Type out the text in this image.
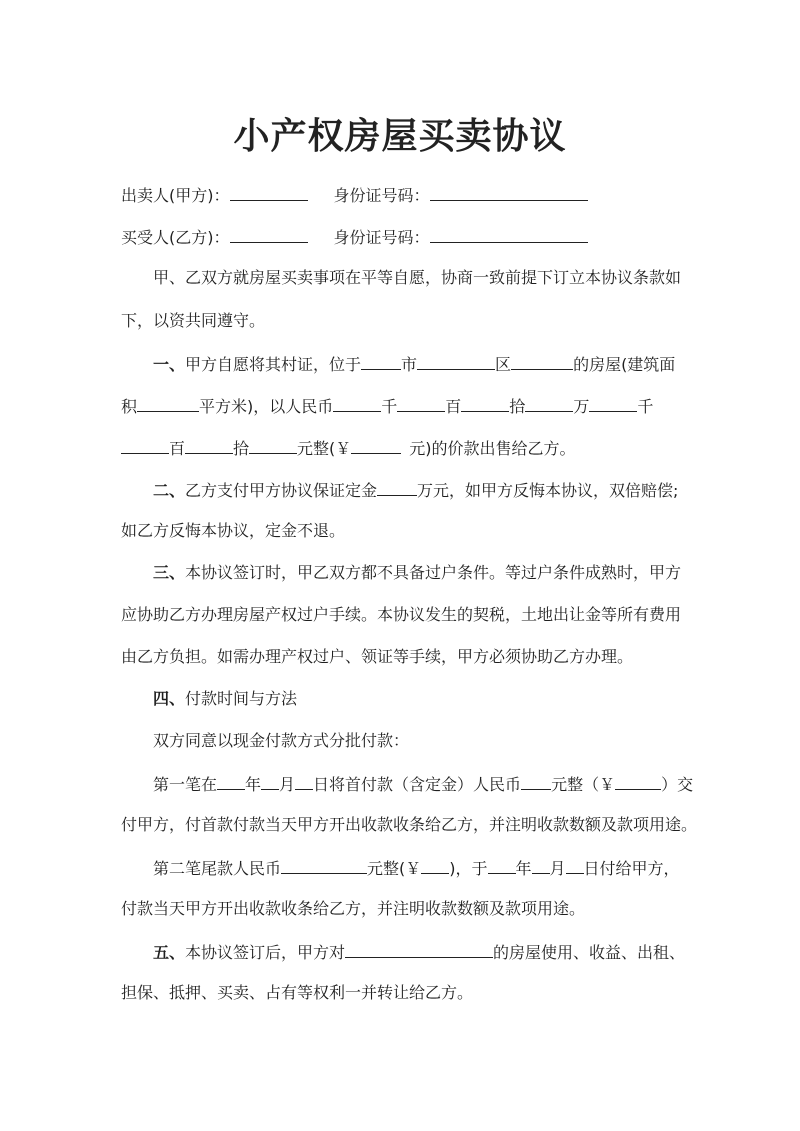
小产权房屋买卖协议
出卖人(甲方)：	身份证号码：
买受人(乙方)：	身份证号码：
甲、乙双方就房屋买卖事项在平等自愿，协商一致前提下订立本协议条款如
下，以资共同遵守。
一、甲方自愿将其村证，位于	市	区	的房屋(建筑面
积	平方米)，以人民币	千	百	拾	万	千
百	拾	元整(￥	元)的价款出售给乙方。
二、乙方支付甲方协议保证定金	万元，如甲方反悔本协议，双倍赔偿;
如乙方反悔本协议，定金不退。
三、本协议签订时，甲乙双方都不具备过户条件。等过户条件成熟时，甲方
应协助乙方办理房屋产权过户手续。本协议发生的契税，土地出让金等所有费用
由乙方负担。如需办理产权过户、领证等手续，甲方必须协助乙方办理。
四、付款时间与方法
双方同意以现金付款方式分批付款：
第一笔在 年 月 日将首付款（含定金）人民币 元整（￥	）交
付甲方，付首款付款当天甲方开出收款收条给乙方，并注明收款数额及款项用途。
第二笔尾款人民币	元整(￥ )，于 年 月 日付给甲方，
付款当天甲方开出收款收条给乙方，并注明收款数额及款项用途。
五、本协议签订后，甲方对	的房屋使用、收益、出租、
担保、抵押、买卖、占有等权利一并转让给乙方。
